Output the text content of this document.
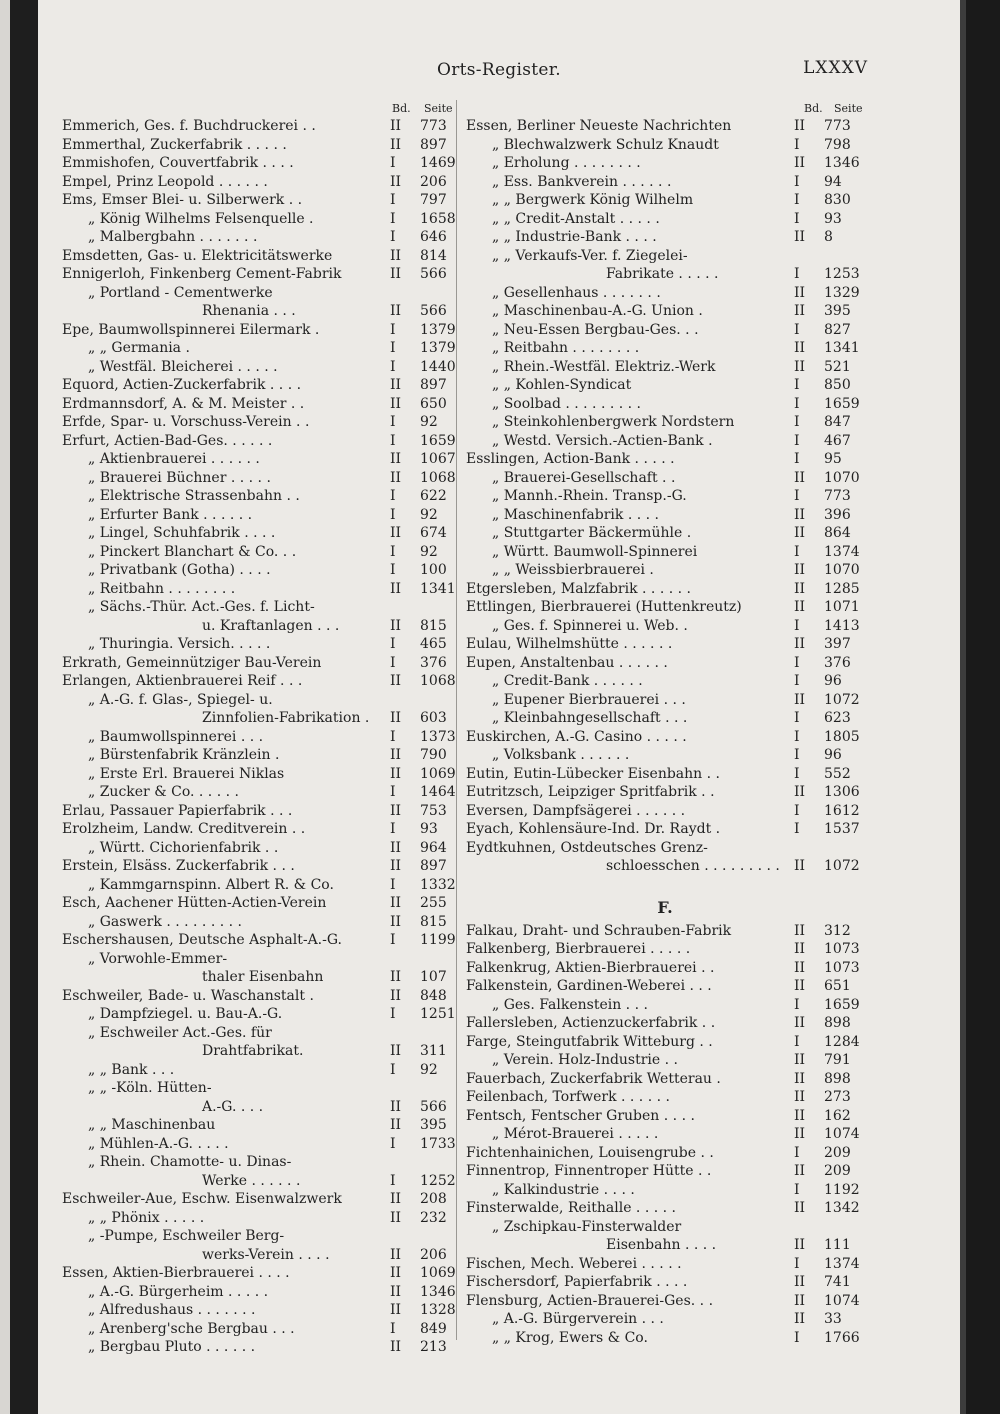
Orts-Register.	LXXXV
Bd. Seite
Emmerich, Ges. f. Buchdruckerei . .	II	773
Emmerthal, Zuckerfabrik . . . . .	II	897
Emmishofen, Couvertfabrik . . . .	I	1469
Empel, Prinz Leopold . . . . . .	II	206
Ems, Emser Blei- u. Silberwerk . .	I	797
„ König Wilhelms Felsenquelle .	I	1658
„ Malbergbahn . . . . . . .	I	646
Emsdetten, Gas- u. Elektricitätswerke	II	814
Ennigerloh, Finkenberg Cement-Fabrik	II	566
„ Portland - Cementwerke
Rhenania . . .	II	566
Epe, Baumwollspinnerei Eilermark .	I	1379
„ „ Germania .	I	1379
„ Westfäl. Bleicherei . . . . .	I	1440
Equord, Actien-Zuckerfabrik . . . .	II	897
Erdmannsdorf, A. & M. Meister . .	II	650
Erfde, Spar- u. Vorschuss-Verein . .	I	92
Erfurt, Actien-Bad-Ges. . . . . .	I	1659
„ Aktienbrauerei . . . . . .	II	1067
„ Brauerei Büchner . . . . .	II	1068
„ Elektrische Strassenbahn . .	I	622
„ Erfurter Bank . . . . . .	I	92
„ Lingel, Schuhfabrik . . . .	II	674
„ Pinckert Blanchart & Co. . .	I	92
„ Privatbank (Gotha) . . . .	I	100
„ Reitbahn . . . . . . . .	II	1341
„ Sächs.-Thür. Act.-Ges. f. Licht-
u. Kraftanlagen . . .	II	815
„ Thuringia. Versich. . . . .	I	465
Erkrath, Gemeinnütziger Bau-Verein	I	376
Erlangen, Aktienbrauerei Reif . . .	II	1068
„ A.-G. f. Glas-, Spiegel- u.
Zinnfolien-Fabrikation .	II	603
„ Baumwollspinnerei . . .	I	1373
„ Bürstenfabrik Kränzlein .	II	790
„ Erste Erl. Brauerei Niklas	II	1069
„ Zucker & Co. . . . . .	I	1464
Erlau, Passauer Papierfabrik . . .	II	753
Erolzheim, Landw. Creditverein . .	I	93
„ Württ. Cichorienfabrik . .	II	964
Erstein, Elsäss. Zuckerfabrik . . .	II	897
„ Kammgarnspinn. Albert R. & Co.	I	1332
Esch, Aachener Hütten-Actien-Verein	II	255
„ Gaswerk . . . . . . . . .	II	815
Eschershausen, Deutsche Asphalt-A.-G.	I	1199
„ Vorwohle-Emmer-
thaler Eisenbahn	II	107
Eschweiler, Bade- u. Waschanstalt .	II	848
„ Dampfziegel. u. Bau-A.-G.	I	1251
„ Eschweiler Act.-Ges. für
Drahtfabrikat.	II	311
„ „ Bank . . .	I	92
„ „ -Köln. Hütten-
A.-G. . . .	II	566
„ „ Maschinenbau	II	395
„ Mühlen-A.-G. . . . .	I	1733
„ Rhein. Chamotte- u. Dinas-
Werke . . . . . .	I	1252
Eschweiler-Aue, Eschw. Eisenwalzwerk	II	208
„ „ Phönix . . . . .	II	232
„ -Pumpe, Eschweiler Berg-
werks-Verein . . . .	II	206
Essen, Aktien-Bierbrauerei . . . .	II	1069
„ A.-G. Bürgerheim . . . . .	II	1346
„ Alfredushaus . . . . . . .	II	1328
„ Arenberg'sche Bergbau . . .	I	849
„ Bergbau Pluto . . . . . .	II	213
Bd. Seite
Essen, Berliner Neueste Nachrichten	II	773
„ Blechwalzwerk Schulz Knaudt	I	798
„ Erholung . . . . . . . .	II	1346
„ Ess. Bankverein . . . . . .	I	94
„ „ Bergwerk König Wilhelm	I	830
„ „ Credit-Anstalt . . . . .	I	93
„ „ Industrie-Bank . . . .	II	8
„ „ Verkaufs-Ver. f. Ziegelei-
Fabrikate . . . . .	I	1253
„ Gesellenhaus . . . . . . .	II	1329
„ Maschinenbau-A.-G. Union .	II	395
„ Neu-Essen Bergbau-Ges. . .	I	827
„ Reitbahn . . . . . . . .	II	1341
„ Rhein.-Westfäl. Elektriz.-Werk	II	521
„ „ Kohlen-Syndicat	I	850
„ Soolbad . . . . . . . . .	I	1659
„ Steinkohlenbergwerk Nordstern	I	847
„ Westd. Versich.-Actien-Bank .	I	467
Esslingen, Action-Bank . . . . .	I	95
„ Brauerei-Gesellschaft . .	II	1070
„ Mannh.-Rhein. Transp.-G.	I	773
„ Maschinenfabrik . . . .	II	396
„ Stuttgarter Bäckermühle .	II	864
„ Württ. Baumwoll-Spinnerei	I	1374
„ „ Weissbierbrauerei .	II	1070
Etgersleben, Malzfabrik . . . . . .	II	1285
Ettlingen, Bierbrauerei (Huttenkreutz)	II	1071
„ Ges. f. Spinnerei u. Web. .	I	1413
Eulau, Wilhelmshütte . . . . . .	II	397
Eupen, Anstaltenbau . . . . . .	I	376
„ Credit-Bank . . . . . .	I	96
„ Eupener Bierbrauerei . . .	II	1072
„ Kleinbahngesellschaft . . .	I	623
Euskirchen, A.-G. Casino . . . . .	I	1805
„ Volksbank . . . . . .	I	96
Eutin, Eutin-Lübecker Eisenbahn . .	I	552
Eutritzsch, Leipziger Spritfabrik . .	II	1306
Eversen, Dampfsägerei . . . . . .	I	1612
Eyach, Kohlensäure-Ind. Dr. Raydt .	I	1537
Eydtkuhnen, Ostdeutsches Grenz-
schloesschen . . . . . . . . .	II	1072
F.
Falkau, Draht- und Schrauben-Fabrik	II	312
Falkenberg, Bierbrauerei . . . . .	II	1073
Falkenkrug, Aktien-Bierbrauerei . .	II	1073
Falkenstein, Gardinen-Weberei . . .	II	651
„ Ges. Falkenstein . . .	I	1659
Fallersleben, Actienzuckerfabrik . .	II	898
Farge, Steingutfabrik Witteburg . .	I	1284
„ Verein. Holz-Industrie . .	II	791
Fauerbach, Zuckerfabrik Wetterau .	II	898
Feilenbach, Torfwerk . . . . . .	II	273
Fentsch, Fentscher Gruben . . . .	II	162
„ Mérot-Brauerei . . . . .	II	1074
Fichtenhainichen, Louisengrube . .	I	209
Finnentrop, Finnentroper Hütte . .	II	209
„ Kalkindustrie . . . .	I	1192
Finsterwalde, Reithalle . . . . .	II	1342
„ Zschipkau-Finsterwalder
Eisenbahn . . . .	II	111
Fischen, Mech. Weberei . . . . .	I	1374
Fischersdorf, Papierfabrik . . . .	II	741
Flensburg, Actien-Brauerei-Ges. . .	II	1074
„ A.-G. Bürgerverein . . .	II	33
„ „ Krog, Ewers & Co.	I	1766
